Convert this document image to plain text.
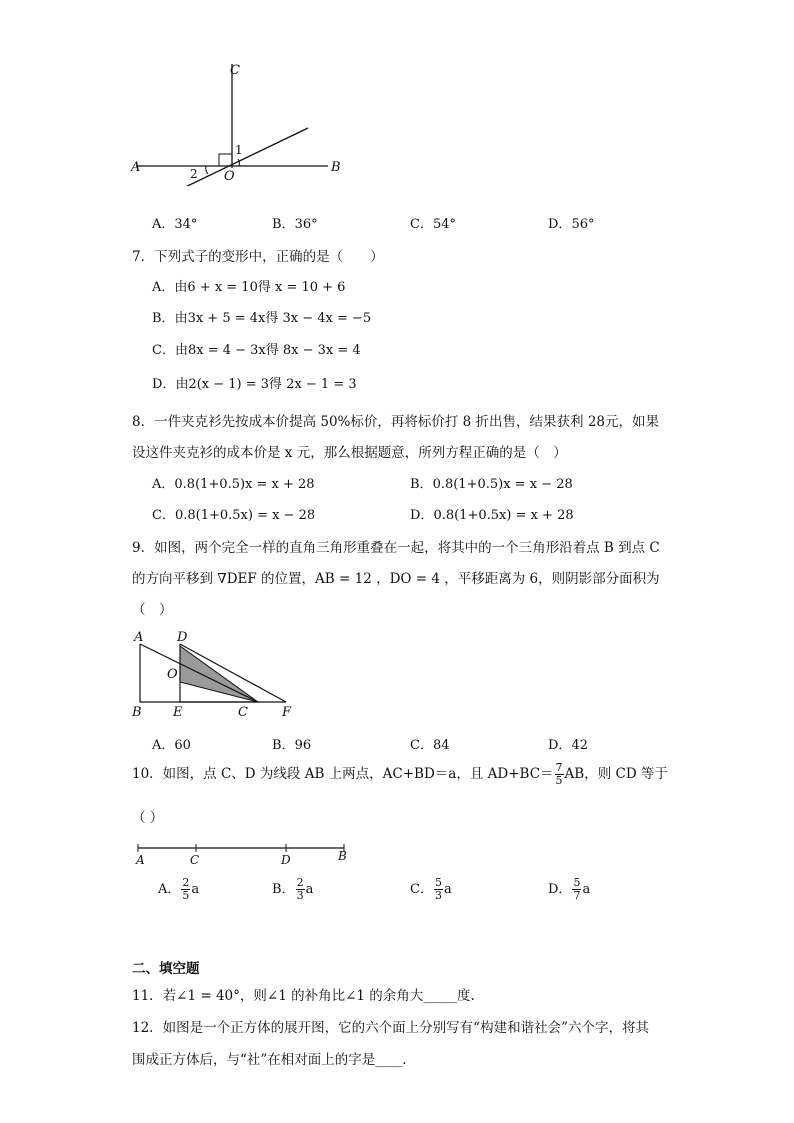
C
A	B
O
1
2
A．34°	B．36°	C．54°	D．56°
7．下列式子的变形中，正确的是（　　）
A．由6 + x = 10得 x = 10 + 6
B．由3x + 5 = 4x得 3x − 4x = −5
C．由8x = 4 − 3x得 8x − 3x = 4
D．由2(x − 1) = 3得 2x − 1 = 3
8．一件夹克衫先按成本价提高 50%标价，再将标价打 8 折出售，结果获利 28元，如果
设这件夹克衫的成本价是 x 元，那么根据题意，所列方程正确的是（　）
A．0.8(1+0.5)x = x + 28	B．0.8(1+0.5)x = x − 28
C．0.8(1+0.5x) = x − 28	D．0.8(1+0.5x) = x + 28
9．如图，两个完全一样的直角三角形重叠在一起，将其中的一个三角形沿着点 B 到点 C
的方向平移到 ∇DEF 的位置，AB = 12 ，DO = 4 ，平移距离为 6，则阴影部分面积为
（　）
A	D
O
B E	C	F
A．60	B．96	C．84	D．42
10．如图，点 C、D 为线段 AB 上两点，AC+BD＝a，且 $AD+BC= \frac{7}{5}$ AB，则 CD 等于
（ ）
A	C	D	B
A． $\frac{2}{5}$ a	B． $\frac{2}{3}$ a	C． $\frac{5}{3}$ a	D． $\frac{5}{7}$ a
二、填空题
11．若∠1 = 40°，则∠1 的补角比∠1 的余角大_____度.
12．如图是一个正方体的展开图，它的六个面上分别写有“构建和谐社会”六个字，将其
围成正方体后，与“社”在相对面上的字是____.
